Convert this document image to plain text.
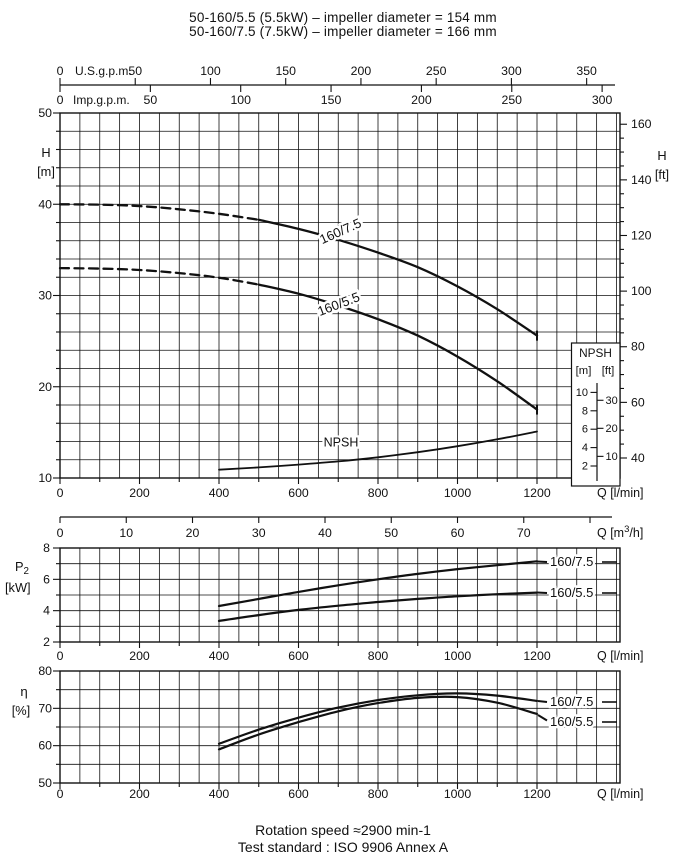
50-160/5.5 (5.5kW) – impeller diameter = 154 mm
50-160/7.5 (7.5kW) – impeller diameter = 166 mm
0	50	100	150	200	250	300	350
U.S.g.p.m.
0	50	100	150	200	250	300
Imp.g.p.m.
10
20
30
40
50
H
[m]
40
60
80
100
120
140
160
H
[ft]
0	200	400	600	800	1000	1200	Q [l/min]
160/7.5
160/5.5
NPSH
NPSH
[m] [ft]
2
4
6
8
10
10
20
30
0	10	20	30	40	50	60	70	Q $[m^3/h]$
2
4
6
8
$P_2$
[kW]
0	200	400	600	800	1000	1200	Q [l/min]
160/7.5
160/5.5
50
60
70
80
η
[%]
0	200	400	600	800	1000	1200	Q [l/min]
160/7.5
160/5.5
Rotation speed ≈2900 min-1
Test standard : ISO 9906 Annex A
